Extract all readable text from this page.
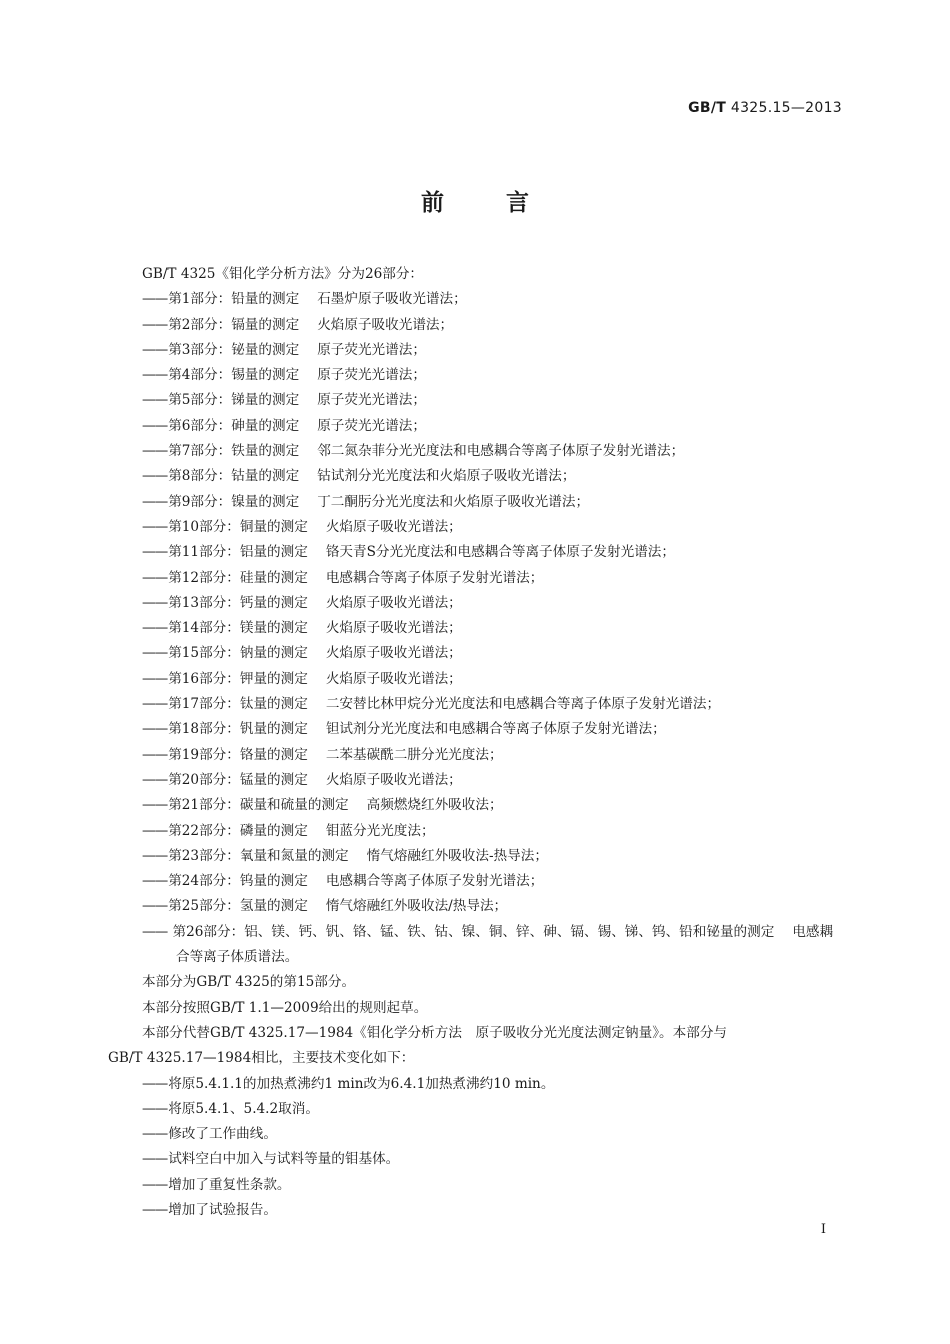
GB/T 4325.15—2013
前言
GB/T 4325《钼化学分析方法》分为26部分：
—— 第1部分：铅量的测定 石墨炉原子吸收光谱法；
—— 第2部分：镉量的测定 火焰原子吸收光谱法；
—— 第3部分：铋量的测定 原子荧光光谱法；
—— 第4部分：锡量的测定 原子荧光光谱法；
—— 第5部分：锑量的测定 原子荧光光谱法；
—— 第6部分：砷量的测定 原子荧光光谱法；
—— 第7部分：铁量的测定 邻二氮杂菲分光光度法和电感耦合等离子体原子发射光谱法；
—— 第8部分：钴量的测定 钴试剂分光光度法和火焰原子吸收光谱法；
—— 第9部分：镍量的测定 丁二酮肟分光光度法和火焰原子吸收光谱法；
—— 第10部分：铜量的测定 火焰原子吸收光谱法；
—— 第11部分：铝量的测定 铬天青S分光光度法和电感耦合等离子体原子发射光谱法；
—— 第12部分：硅量的测定 电感耦合等离子体原子发射光谱法；
—— 第13部分：钙量的测定 火焰原子吸收光谱法；
—— 第14部分：镁量的测定 火焰原子吸收光谱法；
—— 第15部分：钠量的测定 火焰原子吸收光谱法；
—— 第16部分：钾量的测定 火焰原子吸收光谱法；
—— 第17部分：钛量的测定 二安替比林甲烷分光光度法和电感耦合等离子体原子发射光谱法；
—— 第18部分：钒量的测定 钽试剂分光光度法和电感耦合等离子体原子发射光谱法；
—— 第19部分：铬量的测定 二苯基碳酰二肼分光光度法；
—— 第20部分：锰量的测定 火焰原子吸收光谱法；
—— 第21部分：碳量和硫量的测定 高频燃烧红外吸收法；
—— 第22部分：磷量的测定 钼蓝分光光度法；
—— 第23部分：氧量和氮量的测定 惰气熔融红外吸收法-热导法；
—— 第24部分：钨量的测定 电感耦合等离子体原子发射光谱法；
—— 第25部分：氢量的测定 惰气熔融红外吸收法/热导法；
—— 第26部分：铝、镁、钙、钒、铬、锰、铁、钴、镍、铜、锌、砷、镉、锡、锑、钨、铅和铋量的测定 电感耦
合等离子体质谱法。
本部分为GB/T 4325的第15部分。
本部分按照GB/T 1.1—2009给出的规则起草。
本部分代替GB/T 4325.17—1984《钼化学分析方法　原子吸收分光光度法测定钠量》。本部分与
GB/T 4325.17—1984相比，主要技术变化如下：
—— 将原5.4.1.1的加热煮沸约1 min改为6.4.1加热煮沸约10 min。
—— 将原5.4.1、5.4.2取消。
—— 修改了工作曲线。
—— 试料空白中加入与试料等量的钼基体。
—— 增加了重复性条款。
—— 增加了试验报告。
I
